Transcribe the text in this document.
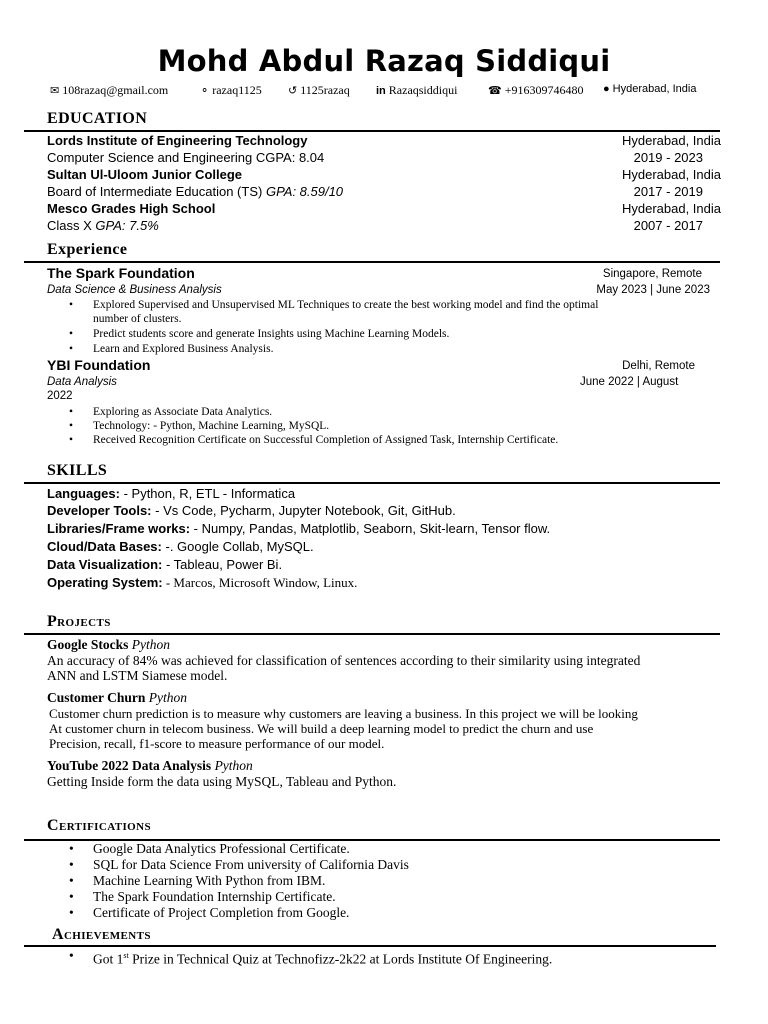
Mohd Abdul Razaq Siddiqui
✉ 108razaq@gmail.com	⚬ razaq1125 ↺ 1125razaq in Razaqsiddiqui	☎ +916309746480 ● Hyderabad, India
EDUCATION
Lords Institute of Engineering Technology	Hyderabad, India
Computer Science and Engineering CGPA: 8.04	2019 - 2023
Sultan Ul-Uloom Junior College	Hyderabad, India
Board of Intermediate Education (TS) GPA: 8.59/10	2017 - 2019
Mesco Grades High School	Hyderabad, India
Class X GPA: 7.5%	2007 - 2017
Experience
The Spark Foundation	Singapore, Remote
Data Science & Business Analysis	May 2023 | June 2023
• Explored Supervised and Unsupervised ML Techniques to create the best working model and find the optimal
number of clusters.
• Predict students score and generate Insights using Machine Learning Models.
• Learn and Explored Business Analysis.
YBI Foundation	Delhi, Remote
Data Analysis	June 2022 | August
2022
• Exploring as Associate Data Analytics.
• Technology: - Python, Machine Learning, MySQL.
• Received Recognition Certificate on Successful Completion of Assigned Task, Internship Certificate.
SKILLS
Languages: - Python, R, ETL - Informatica
Developer Tools: - Vs Code, Pycharm, Jupyter Notebook, Git, GitHub.
Libraries/Frame works: - Numpy, Pandas, Matplotlib, Seaborn, Skit-learn, Tensor flow.
Cloud/Data Bases: -. Google Collab, MySQL.
Data Visualization: - Tableau, Power Bi.
Operating System: - Marcos, Microsoft Window, Linux.
Projects
Google Stocks Python
An accuracy of 84% was achieved for classification of sentences according to their similarity using integrated
ANN and LSTM Siamese model.
Customer Churn Python
Customer churn prediction is to measure why customers are leaving a business. In this project we will be looking
At customer churn in telecom business. We will build a deep learning model to predict the churn and use
Precision, recall, f1-score to measure performance of our model.
YouTube 2022 Data Analysis Python
Getting Inside form the data using MySQL, Tableau and Python.
Certifications
• Google Data Analytics Professional Certificate.
• SQL for Data Science From university of California Davis
• Machine Learning With Python from IBM.
• The Spark Foundation Internship Certificate.
• Certificate of Project Completion from Google.
Achievements
• Got 1st Prize in Technical Quiz at Technofizz-2k22 at Lords Institute Of Engineering.
